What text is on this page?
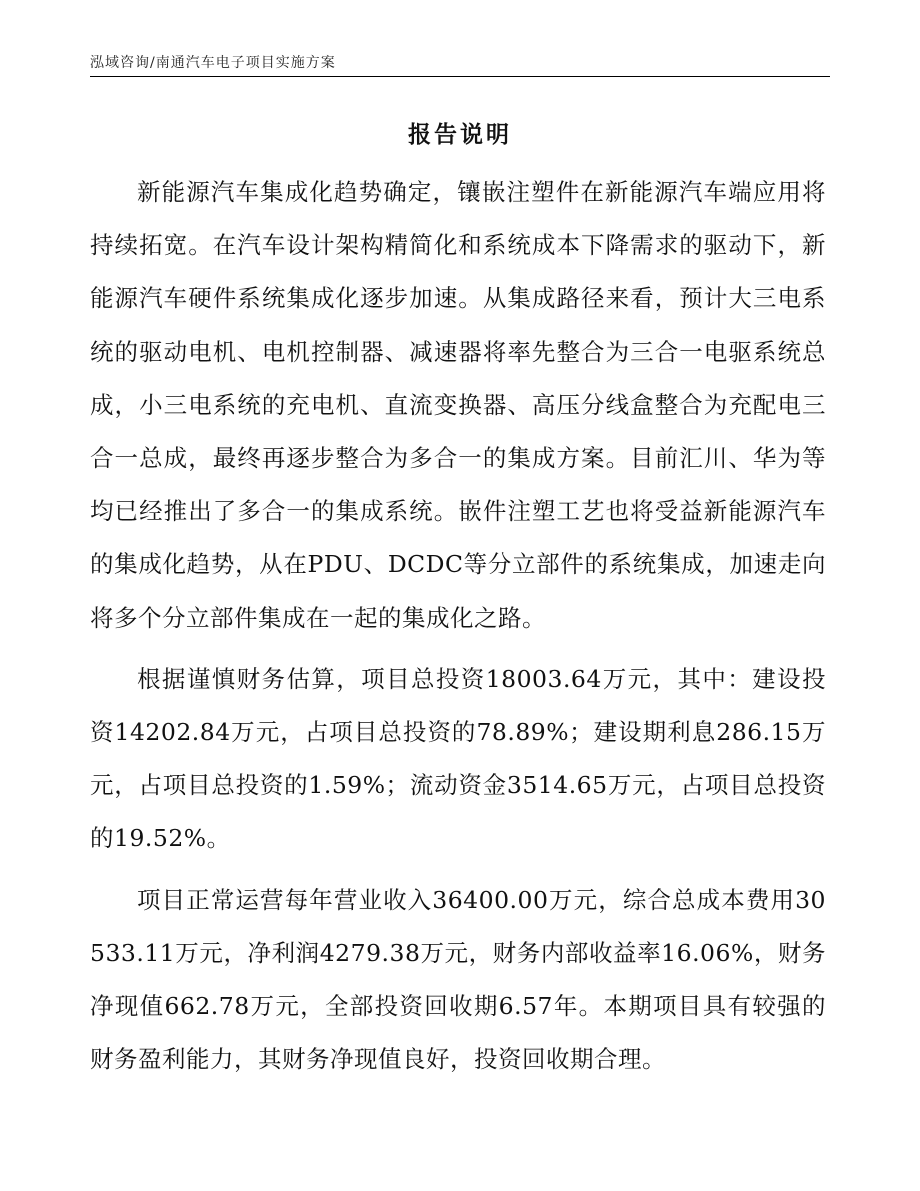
泓域咨询/南通汽车电子项目实施方案
报告说明

新能源汽车集成化趋势确定，镶嵌注塑件在新能源汽车端应用将持续拓宽。在汽车设计架构精简化和系统成本下降需求的驱动下，新能源汽车硬件系统集成化逐步加速。从集成路径来看，预计大三电系统的驱动电机、电机控制器、减速器将率先整合为三合一电驱系统总成，小三电系统的充电机、直流变换器、高压分线盒整合为充配电三合一总成，最终再逐步整合为多合一的集成方案。目前汇川、华为等均已经推出了多合一的集成系统。嵌件注塑工艺也将受益新能源汽车的集成化趋势，从在PDU、DCDC等分立部件的系统集成，加速走向将多个分立部件集成在一起的集成化之路。

根据谨慎财务估算，项目总投资18003.64万元，其中：建设投资14202.84万元，占项目总投资的78.89%；建设期利息286.15万元，占项目总投资的1.59%；流动资金3514.65万元，占项目总投资的19.52%。

项目正常运营每年营业收入36400.00万元，综合总成本费用30533.11万元，净利润4279.38万元，财务内部收益率16.06%，财务净现值662.78万元，全部投资回收期6.57年。本期项目具有较强的财务盈利能力，其财务净现值良好，投资回收期合理。
